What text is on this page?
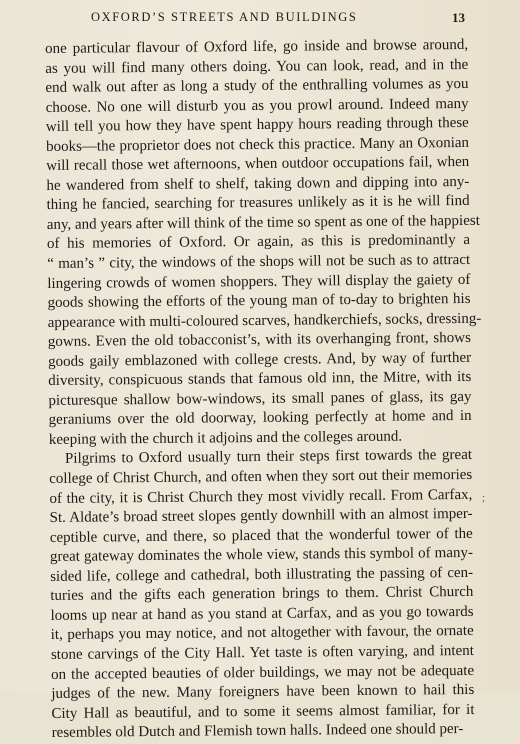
OXFORD’S STREETS AND BUILDINGS	13
one particular flavour of Oxford life, go inside and browse around,
as you will find many others doing. You can look, read, and in the
end walk out after as long a study of the enthralling volumes as you
choose. No one will disturb you as you prowl around. Indeed many
will tell you how they have spent happy hours reading through these
books—the proprietor does not check this practice. Many an Oxonian
will recall those wet afternoons, when outdoor occupations fail, when
he wandered from shelf to shelf, taking down and dipping into any-
thing he fancied, searching for treasures unlikely as it is he will find
any, and years after will think of the time so spent as one of the happiest
of his memories of Oxford. Or again, as this is predominantly a
“ man’s ” city, the windows of the shops will not be such as to attract
lingering crowds of women shoppers. They will display the gaiety of
goods showing the efforts of the young man of to-day to brighten his
appearance with multi-coloured scarves, handkerchiefs, socks, dressing-
gowns. Even the old tobacconist’s, with its overhanging front, shows
goods gaily emblazoned with college crests. And, by way of further
diversity, conspicuous stands that famous old inn, the Mitre, with its
picturesque shallow bow-windows, its small panes of glass, its gay
geraniums over the old doorway, looking perfectly at home and in
keeping with the church it adjoins and the colleges around.
Pilgrims to Oxford usually turn their steps first towards the great
college of Christ Church, and often when they sort out their memories
of the city, it is Christ Church they most vividly recall. From Carfax,
St. Aldate’s broad street slopes gently downhill with an almost imper-
ceptible curve, and there, so placed that the wonderful tower of the
great gateway dominates the whole view, stands this symbol of many-
sided life, college and cathedral, both illustrating the passing of cen-
turies and the gifts each generation brings to them. Christ Church
looms up near at hand as you stand at Carfax, and as you go towards
it, perhaps you may notice, and not altogether with favour, the ornate
stone carvings of the City Hall. Yet taste is often varying, and intent
on the accepted beauties of older buildings, we may not be adequate
judges of the new. Many foreigners have been known to hail this
City Hall as beautiful, and to some it seems almost familiar, for it
resembles old Dutch and Flemish town halls. Indeed one should per-
;
